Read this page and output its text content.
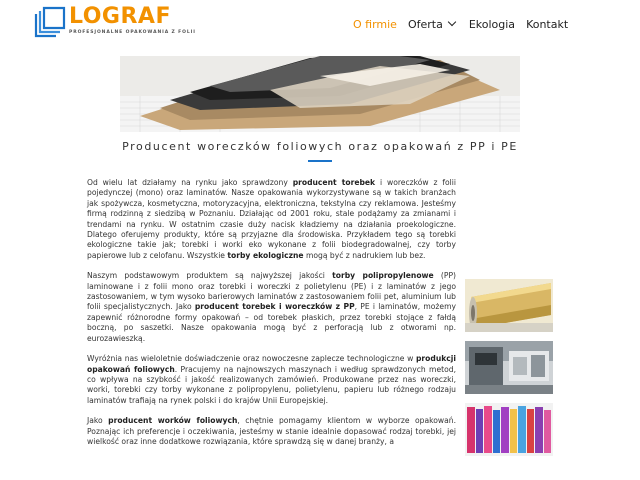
LOGRAF
PROFESJONALNE OPAKOWANIA Z FOLII
O firmie Oferta Ekologia Kontakt
Producent woreczków foliowych oraz opakowań z PP i PE

Od wielu lat działamy na rynku jako sprawdzony producent torebek i woreczków z folii pojedynczej (mono) oraz laminatów. Nasze opakowania wykorzystywane są w takich branżach jak spożywcza, kosmetyczna, motoryzacyjna, elektroniczna, tekstylna czy reklamowa. Jesteśmy firmą rodzinną z siedzibą w Poznaniu. Działając od 2001 roku, stale podążamy za zmianami i trendami na rynku. W ostatnim czasie duży nacisk kładziemy na działania proekologiczne. Dlatego oferujemy produkty, które są przyjazne dla środowiska. Przykładem tego są torebki ekologiczne takie jak; torebki i worki eko wykonane z folii biodegradowalnej, czy torby papierowe lub z celofanu. Wszystkie torby ekologiczne mogą być z nadrukiem lub bez.

Naszym podstawowym produktem są najwyższej jakości torby polipropylenowe (PP) laminowane i z folii mono oraz torebki i woreczki z polietylenu (PE) i z laminatów z jego zastosowaniem, w tym wysoko barierowych laminatów z zastosowaniem folii pet, aluminium lub folii specjalistycznych. Jako producent torebek i woreczków z PP, PE i laminatów, możemy zapewnić różnorodne formy opakowań – od torebek płaskich, przez torebki stojące z fałdą boczną, po saszetki. Nasze opakowania mogą być z perforacją lub z otworami np. eurozawieszką.

Wyróżnia nas wieloletnie doświadczenie oraz nowoczesne zaplecze technologiczne w produkcji opakowań foliowych. Pracujemy na najnowszych maszynach i według sprawdzonych metod, co wpływa na szybkość i jakość realizowanych zamówień. Produkowane przez nas woreczki, worki, torebki czy torby wykonane z polipropylenu, polietylenu, papieru lub różnego rodzaju laminatów trafiają na rynek polski i do krajów Unii Europejskiej.

Jako producent worków foliowych, chętnie pomagamy klientom w wyborze opakowań. Poznając ich preferencje i oczekiwania, jesteśmy w stanie idealnie dopasować rodzaj torebki, jej wielkość oraz inne dodatkowe rozwiązania, które sprawdzą się w danej branży, a
